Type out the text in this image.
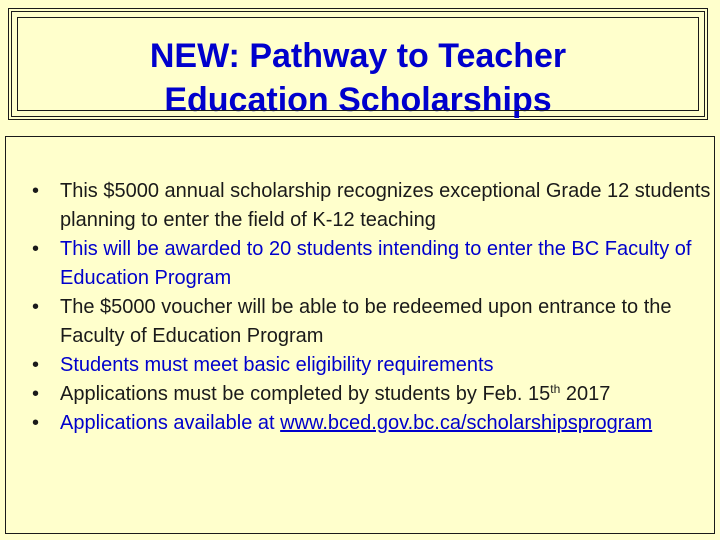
NEW: Pathway to Teacher
Education Scholarships
•	This $5000 annual scholarship recognizes exceptional Grade 12 students planning to enter the field of K-12 teaching
•	This will be awarded to 20 students intending to enter the BC Faculty of Education Program
•	The $5000 voucher will be able to be redeemed upon entrance to the Faculty of Education Program
•	Students must meet basic eligibility requirements
•	Applications must be completed by students by Feb. 15th 2017
•	Applications available at www.bced.gov.bc.ca/scholarshipsprogram
